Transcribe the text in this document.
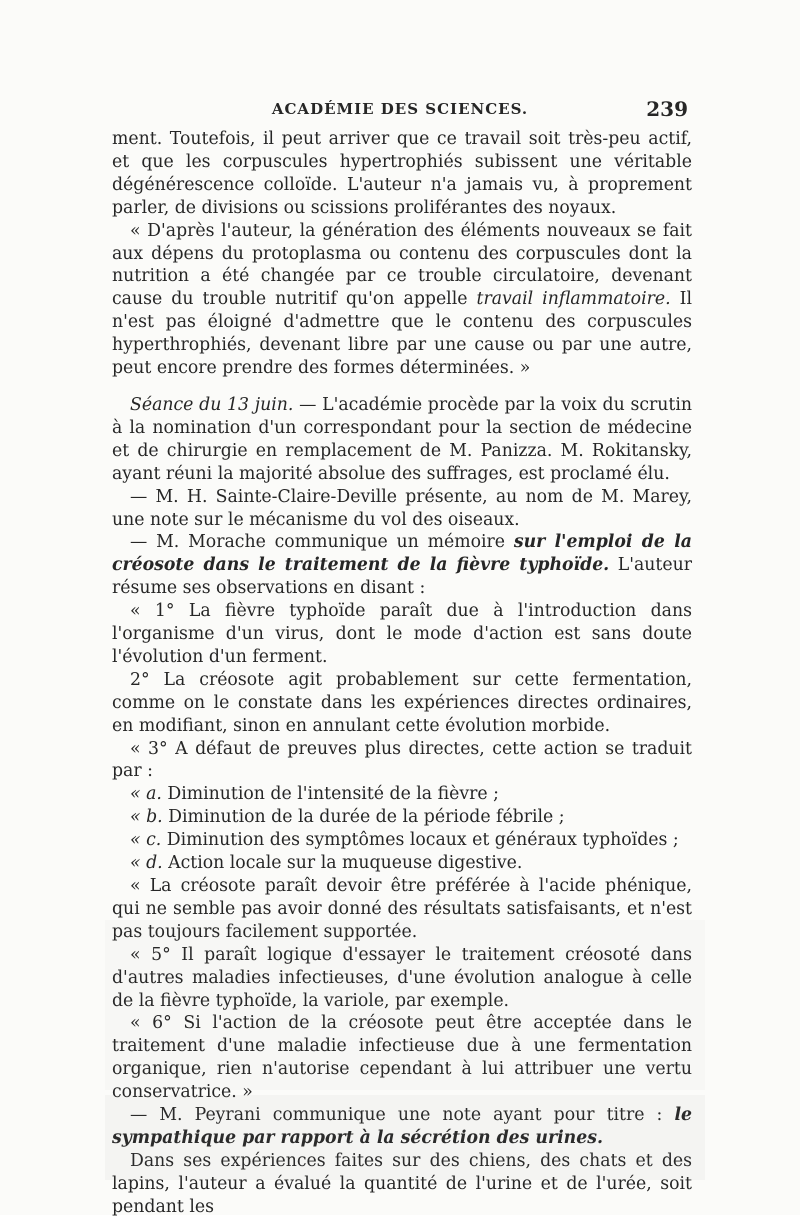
ACADÉMIE DES SCIENCES.	239

ment. Toutefois, il peut arriver que ce travail soit très-peu actif, et que les corpuscules hypertrophiés subissent une véritable dégénérescence colloïde. L'auteur n'a jamais vu, à proprement parler, de divisions ou scissions proliférantes des noyaux.

« D'après l'auteur, la génération des éléments nouveaux se fait aux dépens du protoplasma ou contenu des corpuscules dont la nutrition a été changée par ce trouble circulatoire, devenant cause du trouble nutritif qu'on appelle travail inflammatoire. Il n'est pas éloigné d'admettre que le contenu des corpuscules hyperthrophiés, devenant libre par une cause ou par une autre, peut encore prendre des formes déterminées. »

Séance du 13 juin. — L'académie procède par la voix du scrutin à la nomination d'un correspondant pour la section de médecine et de chirurgie en remplacement de M. Panizza. M. Rokitansky, ayant réuni la majorité absolue des suffrages, est proclamé élu.

— M. H. Sainte-Claire-Deville présente, au nom de M. Marey, une note sur le mécanisme du vol des oiseaux.

— M. Morache communique un mémoire sur l'emploi de la créosote dans le traitement de la fièvre typhoïde. L'auteur résume ses observations en disant :

« 1° La fièvre typhoïde paraît due à l'introduction dans l'organisme d'un virus, dont le mode d'action est sans doute l'évolution d'un ferment.

2° La créosote agit probablement sur cette fermentation, comme on le constate dans les expériences directes ordinaires, en modifiant, sinon en annulant cette évolution morbide.

« 3° A défaut de preuves plus directes, cette action se traduit par :

« a. Diminution de l'intensité de la fièvre ;

« b. Diminution de la durée de la période fébrile ;

« c. Diminution des symptômes locaux et généraux typhoïdes ;

« d. Action locale sur la muqueuse digestive.

« La créosote paraît devoir être préférée à l'acide phénique, qui ne semble pas avoir donné des résultats satisfaisants, et n'est pas toujours facilement supportée.

« 5° Il paraît logique d'essayer le traitement créosoté dans d'autres maladies infectieuses, d'une évolution analogue à celle de la fièvre typhoïde, la variole, par exemple.

« 6° Si l'action de la créosote peut être acceptée dans le traitement d'une maladie infectieuse due à une fermentation organique, rien n'autorise cependant à lui attribuer une vertu conservatrice. »

— M. Peyrani communique une note ayant pour titre : le sympathique par rapport à la sécrétion des urines.

Dans ses expériences faites sur des chiens, des chats et des lapins, l'auteur a évalué la quantité de l'urine et de l'urée, soit pendant les
